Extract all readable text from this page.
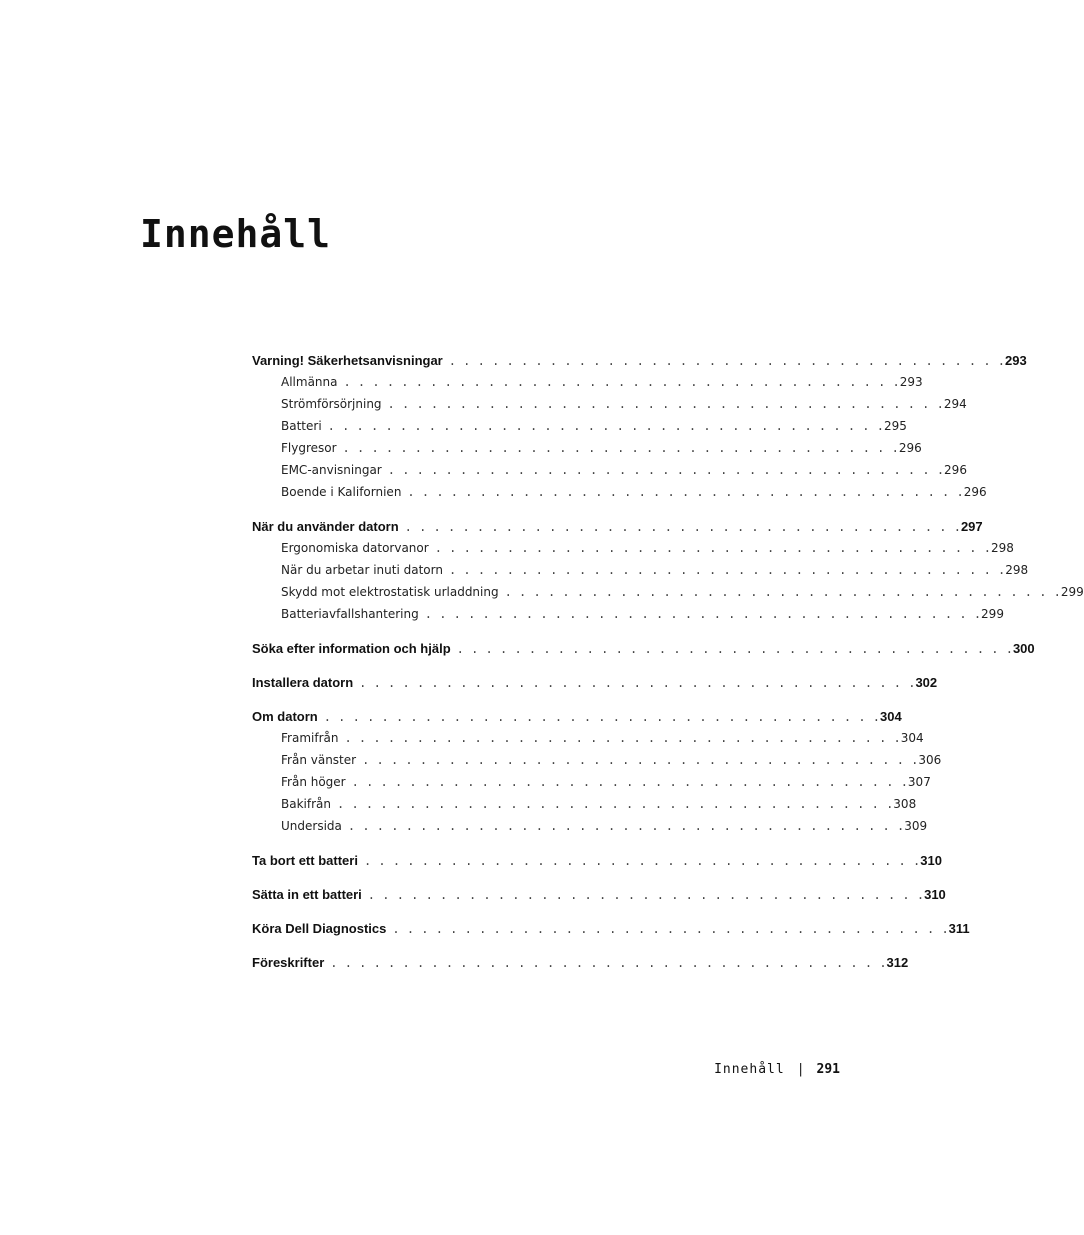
Innehåll
Varning! Säkerhetsanvisningar . . . . . . . . . . . . . . . . . . . . . . . . . . . . . . . . . . . . . . . 293
Allmänna . . . . . . . . . . . . . . . . . . . . . . . . . . . . . . . . . . . . . . . 293
Strömförsörjning . . . . . . . . . . . . . . . . . . . . . . . . . . . . . . . . . . . . . . . 294
Batteri . . . . . . . . . . . . . . . . . . . . . . . . . . . . . . . . . . . . . . . 295
Flygresor . . . . . . . . . . . . . . . . . . . . . . . . . . . . . . . . . . . . . . . 296
EMC-anvisningar . . . . . . . . . . . . . . . . . . . . . . . . . . . . . . . . . . . . . . . 296
Boende i Kalifornien . . . . . . . . . . . . . . . . . . . . . . . . . . . . . . . . . . . . . . . 296
När du använder datorn . . . . . . . . . . . . . . . . . . . . . . . . . . . . . . . . . . . . . . . 297
Ergonomiska datorvanor . . . . . . . . . . . . . . . . . . . . . . . . . . . . . . . . . . . . . . . 298
När du arbetar inuti datorn . . . . . . . . . . . . . . . . . . . . . . . . . . . . . . . . . . . . . . . 298
Skydd mot elektrostatisk urladdning . . . . . . . . . . . . . . . . . . . . . . . . . . . . . . . . . . . . . . . 299
Batteriavfallshantering . . . . . . . . . . . . . . . . . . . . . . . . . . . . . . . . . . . . . . . 299
Söka efter information och hjälp . . . . . . . . . . . . . . . . . . . . . . . . . . . . . . . . . . . . . . . 300
Installera datorn . . . . . . . . . . . . . . . . . . . . . . . . . . . . . . . . . . . . . . . 302
Om datorn . . . . . . . . . . . . . . . . . . . . . . . . . . . . . . . . . . . . . . . 304
Framifrån . . . . . . . . . . . . . . . . . . . . . . . . . . . . . . . . . . . . . . . 304
Från vänster . . . . . . . . . . . . . . . . . . . . . . . . . . . . . . . . . . . . . . . 306
Från höger . . . . . . . . . . . . . . . . . . . . . . . . . . . . . . . . . . . . . . . 307
Bakifrån . . . . . . . . . . . . . . . . . . . . . . . . . . . . . . . . . . . . . . . 308
Undersida . . . . . . . . . . . . . . . . . . . . . . . . . . . . . . . . . . . . . . . 309
Ta bort ett batteri . . . . . . . . . . . . . . . . . . . . . . . . . . . . . . . . . . . . . . . 310
Sätta in ett batteri . . . . . . . . . . . . . . . . . . . . . . . . . . . . . . . . . . . . . . . 310
Köra Dell Diagnostics . . . . . . . . . . . . . . . . . . . . . . . . . . . . . . . . . . . . . . . 311
Föreskrifter . . . . . . . . . . . . . . . . . . . . . . . . . . . . . . . . . . . . . . . 312
Innehåll | 291
